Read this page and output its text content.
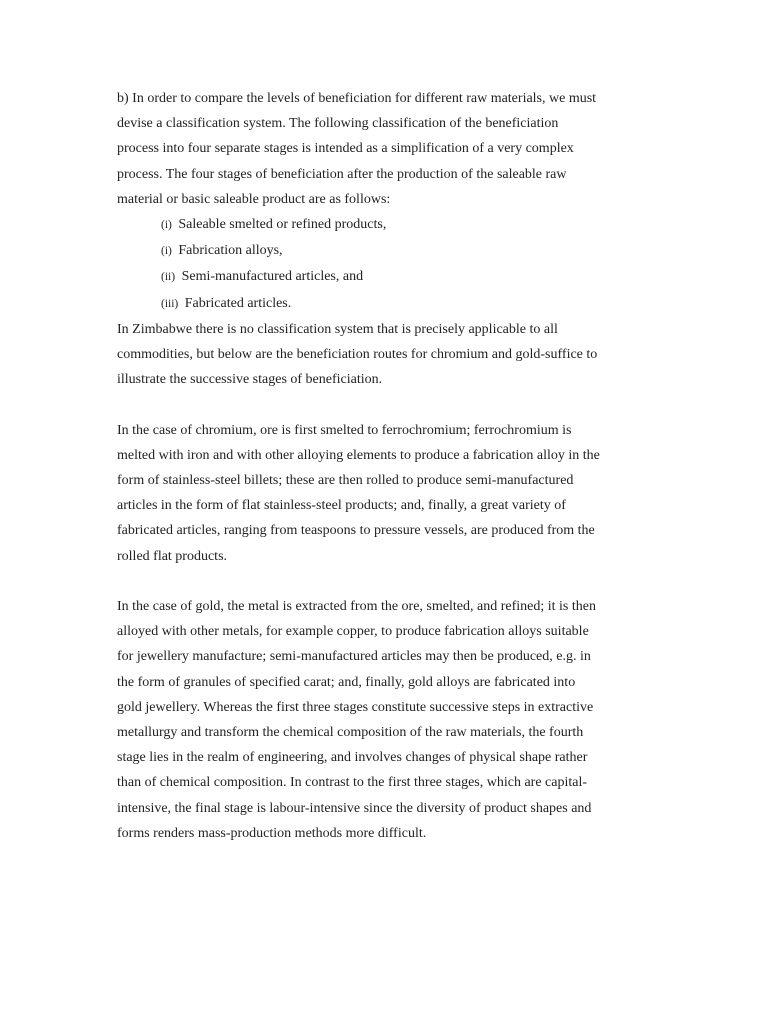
b) In order to compare the levels of beneficiation for different raw materials, we must
devise a classification system. The following classification of the beneficiation
process into four separate stages is intended as a simplification of a very complex
process. The four stages of beneficiation after the production of the saleable raw
material or basic saleable product are as follows:

(i) Saleable smelted or refined products,
(i) Fabrication alloys,
(ii) Semi-manufactured articles, and
(iii) Fabricated articles.

In Zimbabwe there is no classification system that is precisely applicable to all
commodities, but below are the beneficiation routes for chromium and gold-suffice to
illustrate the successive stages of beneficiation.

In the case of chromium, ore is first smelted to ferrochromium; ferrochromium is
melted with iron and with other alloying elements to produce a fabrication alloy in the
form of stainless-steel billets; these are then rolled to produce semi-manufactured
articles in the form of flat stainless-steel products; and, finally, a great variety of
fabricated articles, ranging from teaspoons to pressure vessels, are produced from the
rolled flat products.

In the case of gold, the metal is extracted from the ore, smelted, and refined; it is then
alloyed with other metals, for example copper, to produce fabrication alloys suitable
for jewellery manufacture; semi-manufactured articles may then be produced, e.g. in
the form of granules of specified carat; and, finally, gold alloys are fabricated into
gold jewellery. Whereas the first three stages constitute successive steps in extractive
metallurgy and transform the chemical composition of the raw materials, the fourth
stage lies in the realm of engineering, and involves changes of physical shape rather
than of chemical composition. In contrast to the first three stages, which are capital-
intensive, the final stage is labour-intensive since the diversity of product shapes and
forms renders mass-production methods more difficult.
